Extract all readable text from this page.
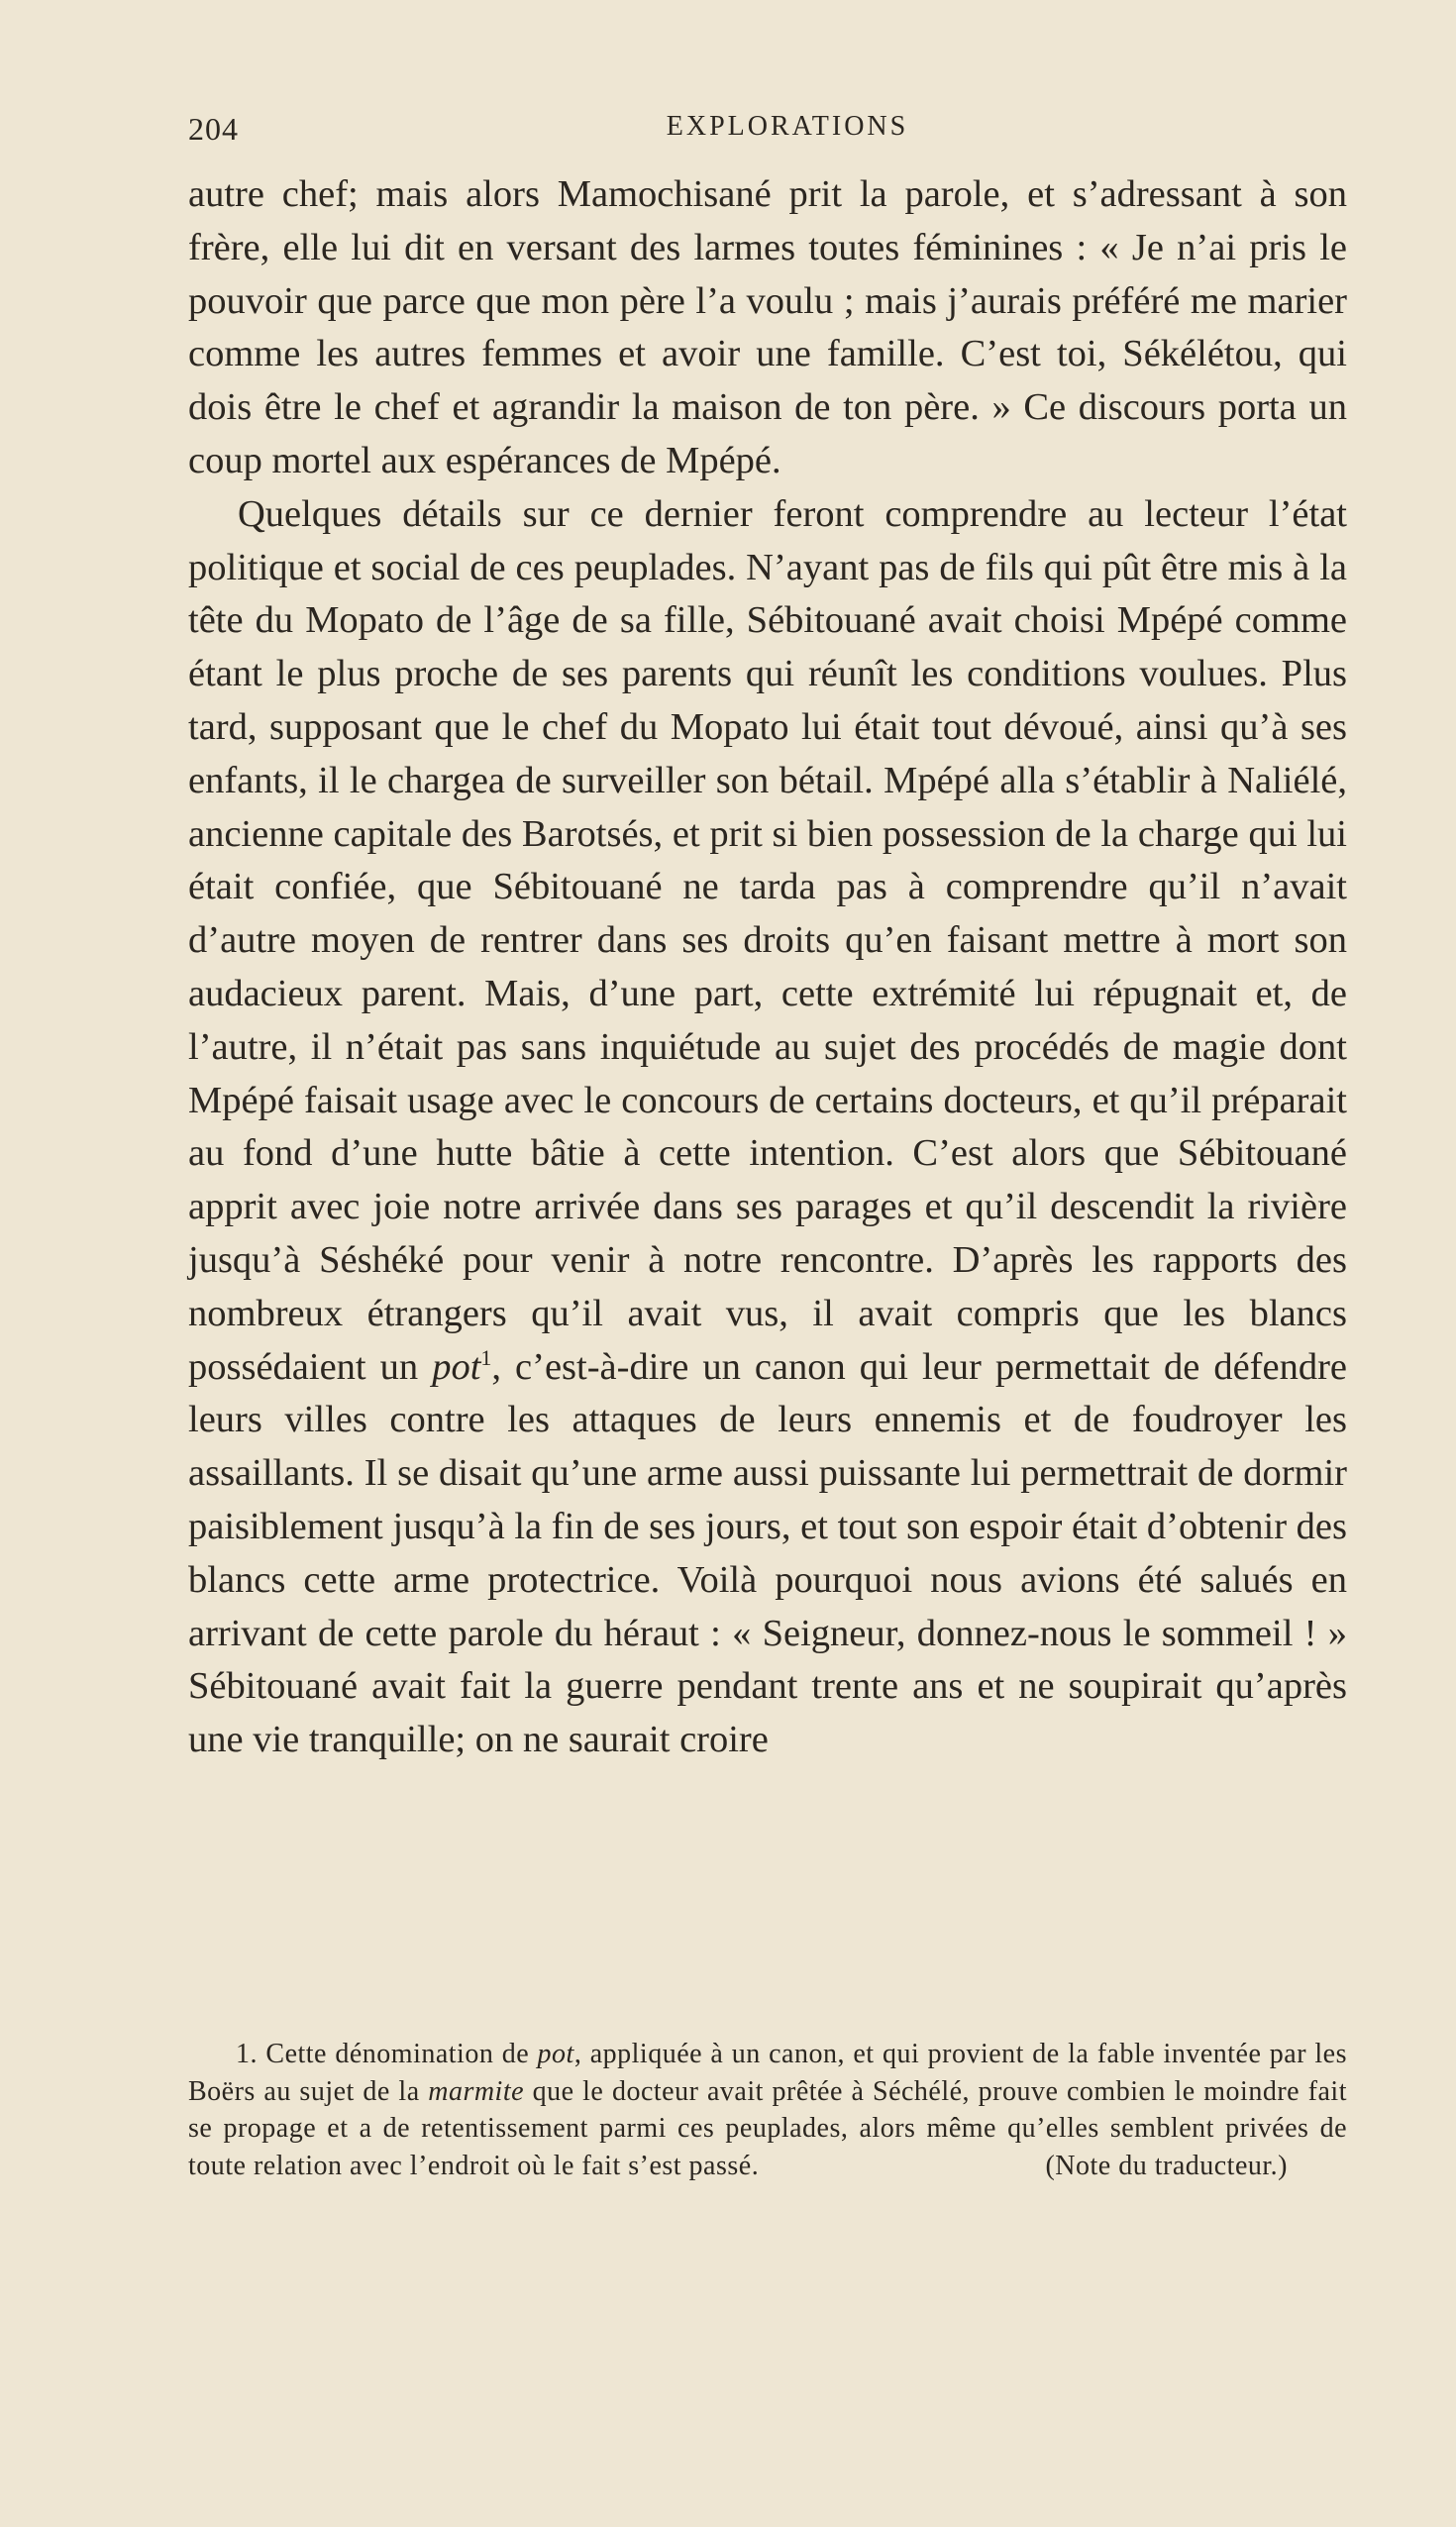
204	EXPLORATIONS

autre chef; mais alors Mamochisané prit la parole, et s’adressant à son frère, elle lui dit en versant des larmes toutes féminines : « Je n’ai pris le pouvoir que parce que mon père l’a voulu ; mais j’aurais préféré me marier comme les autres femmes et avoir une famille. C’est toi, Sékélétou, qui dois être le chef et agrandir la maison de ton père. » Ce discours porta un coup mortel aux espérances de Mpépé.

Quelques détails sur ce dernier feront comprendre au lecteur l’état politique et social de ces peuplades. N’ayant pas de fils qui pût être mis à la tête du Mopato de l’âge de sa fille, Sébitouané avait choisi Mpépé comme étant le plus proche de ses parents qui réunît les conditions voulues. Plus tard, supposant que le chef du Mopato lui était tout dévoué, ainsi qu’à ses enfants, il le chargea de surveiller son bétail. Mpépé alla s’établir à Naliélé, ancienne capitale des Barotsés, et prit si bien possession de la charge qui lui était confiée, que Sébitouané ne tarda pas à comprendre qu’il n’avait d’autre moyen de rentrer dans ses droits qu’en faisant mettre à mort son audacieux parent. Mais, d’une part, cette extrémité lui répugnait et, de l’autre, il n’était pas sans inquiétude au sujet des procédés de magie dont Mpépé faisait usage avec le concours de certains docteurs, et qu’il préparait au fond d’une hutte bâtie à cette intention. C’est alors que Sébitouané apprit avec joie notre arrivée dans ses parages et qu’il descendit la rivière jusqu’à Séshéké pour venir à notre rencontre. D’après les rapports des nombreux étrangers qu’il avait vus, il avait compris que les blancs possédaient un pot$^1$, c’est-à-dire un canon qui leur permettait de défendre leurs villes contre les attaques de leurs ennemis et de foudroyer les assaillants. Il se disait qu’une arme aussi puissante lui permettrait de dormir paisiblement jusqu’à la fin de ses jours, et tout son espoir était d’obtenir des blancs cette arme protectrice. Voilà pourquoi nous avions été salués en arrivant de cette parole du héraut : « Seigneur, donnez-nous le sommeil ! » Sébitouané avait fait la guerre pendant trente ans et ne soupirait qu’après une vie tranquille; on ne saurait croire

1. Cette dénomination de pot, appliquée à un canon, et qui provient de la fable inventée par les Boërs au sujet de la marmite que le docteur avait prêtée à Séchélé, prouve combien le moindre fait se propage et a de retentissement parmi ces peuplades, alors même qu’elles semblent privées de toute relation avec l’endroit où le fait s’est passé.	(Note du traducteur.)
